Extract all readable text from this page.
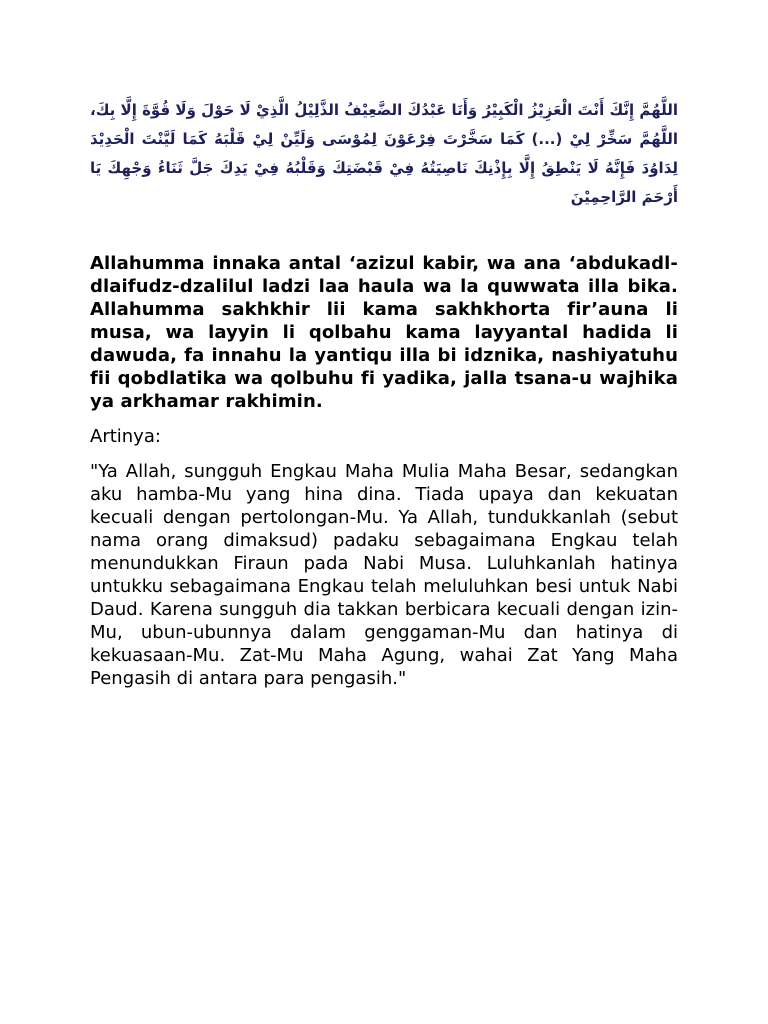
اللَّهُمَّ إِنَّكَ أَنْتَ الْعَزِيْزُ الْكَبِيْرُ وَأَنَا عَبْدُكَ الضَّعِيْفُ الذَّلِيْلُ الَّذِيْ لَا حَوْلَ وَلَا قُوَّةَ إِلَّا بِكَ، اللَّهُمَّ سَخِّرْ لِيْ (...) كَمَا سَخَّرْتَ فِرْعَوْنَ لِمُوْسَى وَلَيِّنْ لِيْ قَلْبَهُ كَمَا لَيَّنْتَ الْحَدِيْدَ لِدَاوُدَ فَإِنَّهُ لَا يَنْطِقُ إِلَّا بِإِذْنِكَ نَاصِيَتُهُ فِيْ قَبْضَتِكَ وَقَلْبُهُ فِيْ يَدِكَ جَلَّ ثَنَاءُ وَجْهِكَ يَا أَرْحَمَ الرَّاحِمِيْنَ

Allahumma innaka antal ‘azizul kabir, wa ana ‘abdukadl-dlaifudz-dzalilul ladzi laa haula wa la quwwata illa bika. Allahumma sakhkhir lii kama sakhkhorta fir’auna li musa, wa layyin li qolbahu kama layyantal hadida li dawuda, fa innahu la yantiqu illa bi idznika, nashiyatuhu fii qobdlatika wa qolbuhu fi yadika, jalla tsana-u wajhika ya arkhamar rakhimin.

Artinya:

"Ya Allah, sungguh Engkau Maha Mulia Maha Besar, sedangkan aku hamba-Mu yang hina dina. Tiada upaya dan kekuatan kecuali dengan pertolongan-Mu. Ya Allah, tundukkanlah (sebut nama orang dimaksud) padaku sebagaimana Engkau telah menundukkan Firaun pada Nabi Musa. Luluhkanlah hatinya untukku sebagaimana Engkau telah meluluhkan besi untuk Nabi Daud. Karena sungguh dia takkan berbicara kecuali dengan izin-Mu, ubun-ubunnya dalam genggaman-Mu dan hatinya di kekuasaan-Mu. Zat-Mu Maha Agung, wahai Zat Yang Maha Pengasih di antara para pengasih."
